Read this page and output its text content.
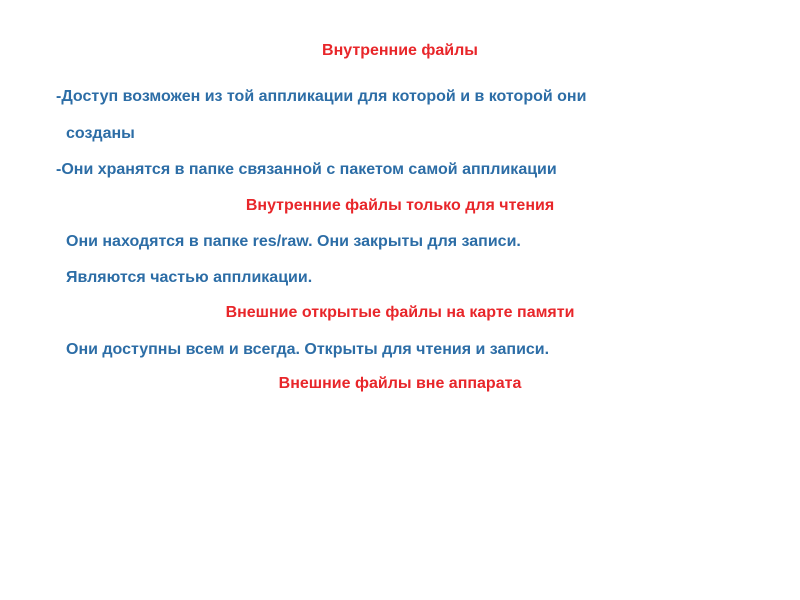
Внутренние файлы
-Доступ возможен из той аппликации для которой и в которой они
созданы
-Они хранятся в папке связанной с пакетом самой аппликации
Внутренние файлы только для чтения
Они находятся в папке res/raw. Они закрыты для записи.
Являются частью аппликации.
Внешние открытые файлы на карте памяти
Они доступны всем и всегда. Открыты для чтения и записи.
Внешние файлы вне аппарата
